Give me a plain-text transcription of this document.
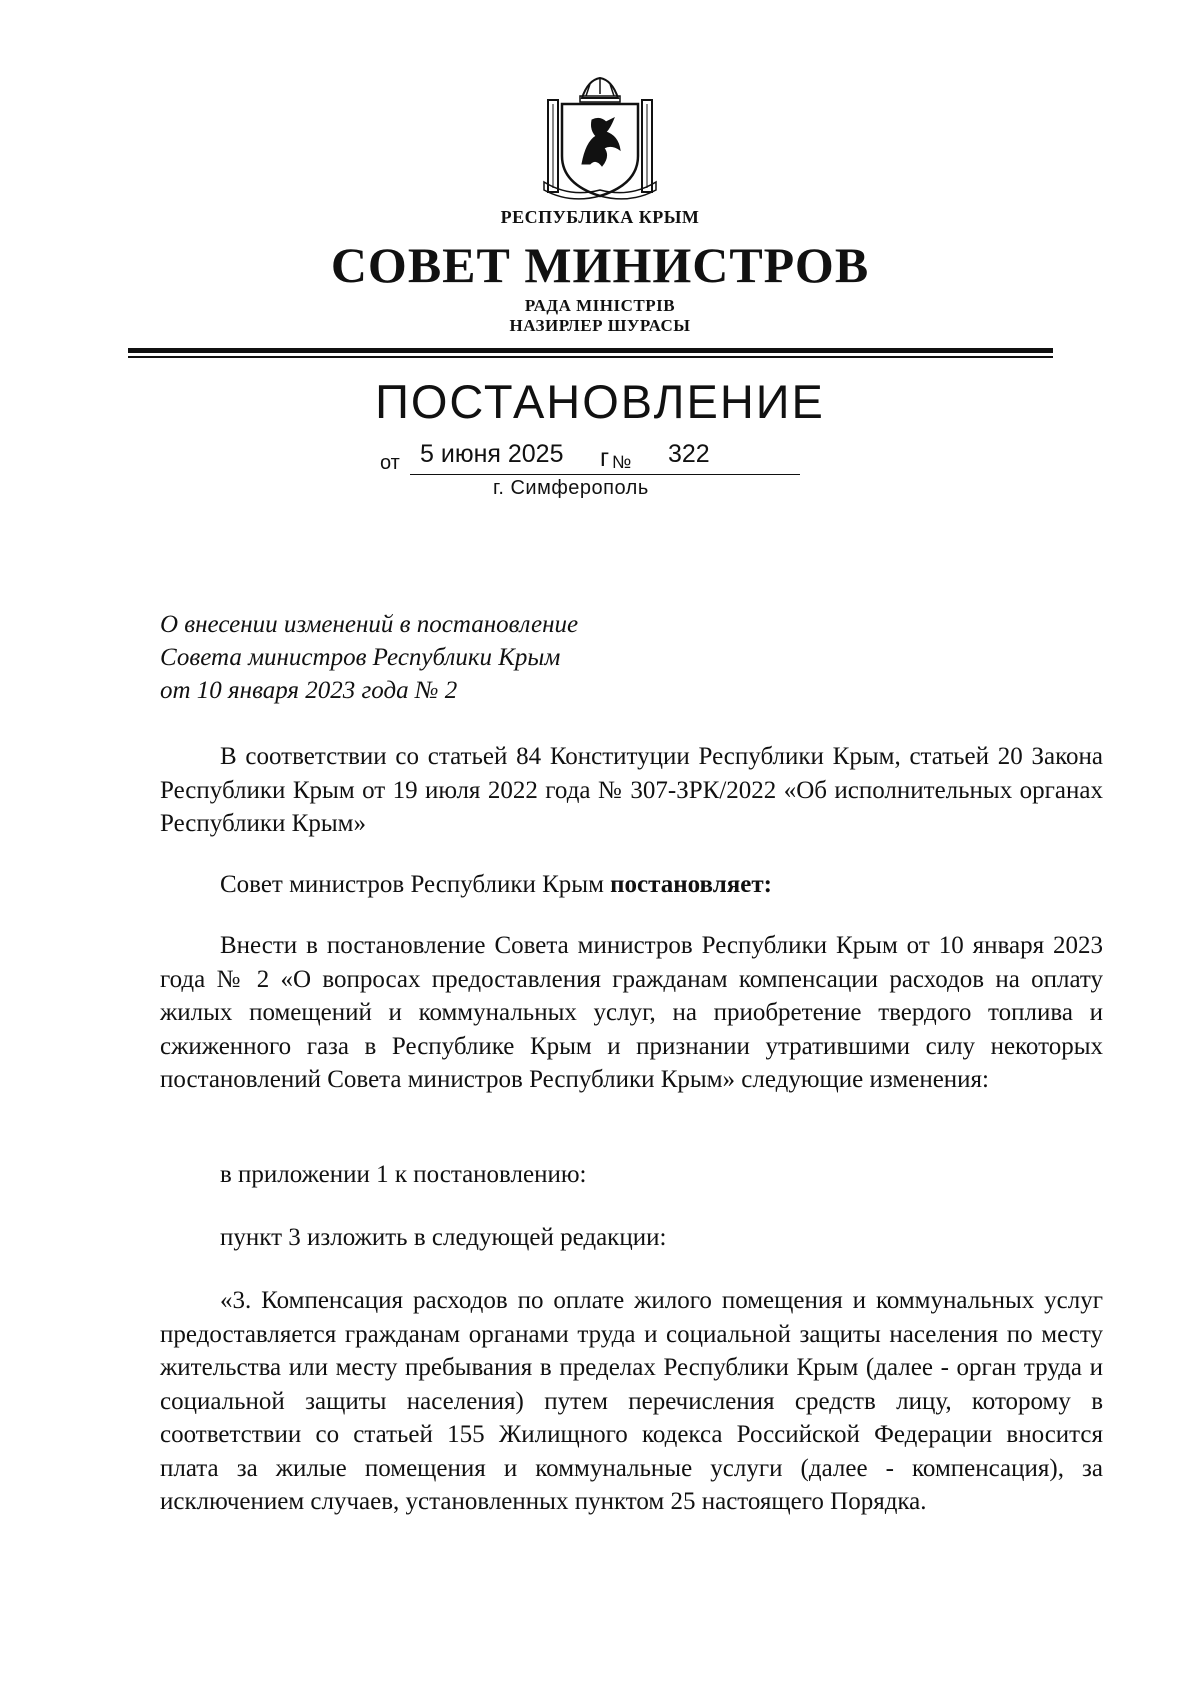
РЕСПУБЛИКА КРЫМ
СОВЕТ МИНИСТРОВ
РАДА МІНІСТРІВ
НАЗИРЛЕР ШУРАСЫ
ПОСТАНОВЛЕНИЕ
от 5 июня 2025 г № 322
г. Симферополь
О внесении изменений в постановление
Совета министров Республики Крым
от 10 января 2023 года № 2

В соответствии со статьей 84 Конституции Республики Крым, статьей 20 Закона Республики Крым от 19 июля 2022 года № 307-ЗРК/2022 «Об исполнительных органах Республики Крым»

Совет министров Республики Крым постановляет:

Внести в постановление Совета министров Республики Крым от 10 января 2023 года № 2 «О вопросах предоставления гражданам компенсации расходов на оплату жилых помещений и коммунальных услуг, на приобретение твердого топлива и сжиженного газа в Республике Крым и признании утратившими силу некоторых постановлений Совета министров Республики Крым» следующие изменения:

в приложении 1 к постановлению:

пункт 3 изложить в следующей редакции:

«3. Компенсация расходов по оплате жилого помещения и коммунальных услуг предоставляется гражданам органами труда и социальной защиты населения по месту жительства или месту пребывания в пределах Республики Крым (далее - орган труда и социальной защиты населения) путем перечисления средств лицу, которому в соответствии со статьей 155 Жилищного кодекса Российской Федерации вносится плата за жилые помещения и коммунальные услуги (далее - компенсация), за исключением случаев, установленных пунктом 25 настоящего Порядка.
